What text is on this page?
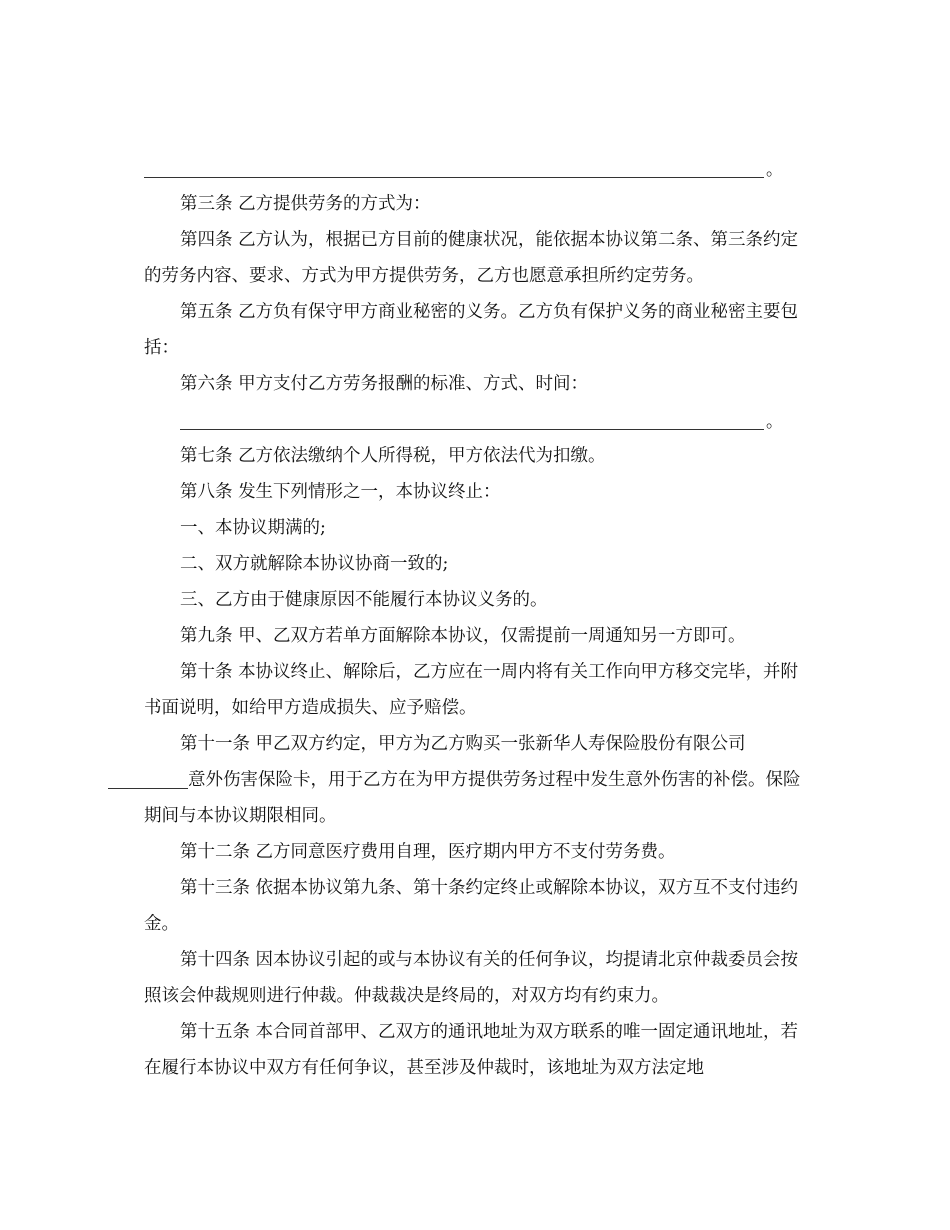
。

第三条 乙方提供劳务的方式为：

第四条 乙方认为，根据已方目前的健康状况，能依据本协议第二条、第三条约定的劳务内容、要求、方式为甲方提供劳务，乙方也愿意承担所约定劳务。

第五条 乙方负有保守甲方商业秘密的义务。乙方负有保护义务的商业秘密主要包括：

第六条 甲方支付乙方劳务报酬的标准、方式、时间：

。

第七条 乙方依法缴纳个人所得税，甲方依法代为扣缴。

第八条 发生下列情形之一，本协议终止：

一、本协议期满的;

二、双方就解除本协议协商一致的;

三、乙方由于健康原因不能履行本协议义务的。

第九条 甲、乙双方若单方面解除本协议，仅需提前一周通知另一方即可。

第十条 本协议终止、解除后，乙方应在一周内将有关工作向甲方移交完毕，并附书面说明，如给甲方造成损失、应予赔偿。

第十一条 甲乙双方约定，甲方为乙方购买一张新华人寿保险股份有限公司
意外伤害保险卡，用于乙方在为甲方提供劳务过程中发生意外伤害的补偿。保险期间与本协议期限相同。

第十二条 乙方同意医疗费用自理，医疗期内甲方不支付劳务费。

第十三条 依据本协议第九条、第十条约定终止或解除本协议，双方互不支付违约金。

第十四条 因本协议引起的或与本协议有关的任何争议，均提请北京仲裁委员会按照该会仲裁规则进行仲裁。仲裁裁决是终局的，对双方均有约束力。

第十五条 本合同首部甲、乙双方的通讯地址为双方联系的唯一固定通讯地址，若在履行本协议中双方有任何争议，甚至涉及仲裁时，该地址为双方法定地
